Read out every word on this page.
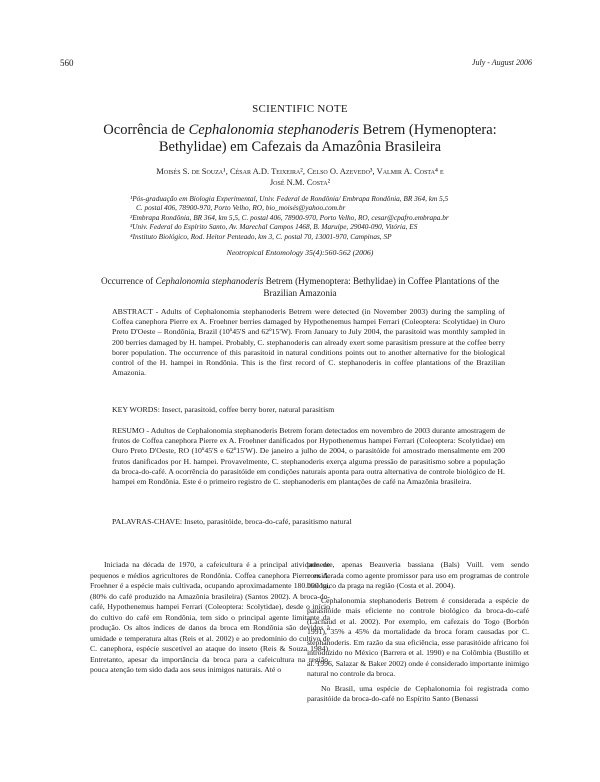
560	July - August 2006
SCIENTIFIC NOTE
Ocorrência de Cephalonomia stephanoderis Betrem (Hymenoptera: Bethylidae) em Cafezais da Amazônia Brasileira
Moisés S. de Souza¹, César A.D. Teixeira², Celso O. Azevedo³, Valmir A. Costa⁴ e
José N.M. Costa²
¹Pós-graduação em Biologia Experimental, Univ. Federal de Rondônia/ Embrapa Rondônia, BR 364, km 5,5
C. postal 406, 78900-970, Porto Velho, RO, bio_moisés@yahoo.com.br
²Embrapa Rondônia, BR 364, km 5,5, C. postal 406, 78900-970, Porto Velho, RO, cesar@cpafro.embrapa.br
³Univ. Federal do Espírito Santo, Av. Marechal Campos 1468, B. Maruípe, 29040-090, Vitória, ES
⁴Instituto Biológico, Rod. Heitor Penteado, km 3, C. postal 70, 13001-970, Campinas, SP
Neotropical Entomology 35(4):560-562 (2006)
Occurrence of Cephalonomia stephanoderis Betrem (Hymenoptera: Bethylidae) in Coffee Plantations of the Brazilian Amazonia
ABSTRACT - Adults of Cephalonomia stephanoderis Betrem were detected (in November 2003) during the sampling of Coffea canephora Pierre ex A. Froehner berries damaged by Hypothenemus hampei Ferrari (Coleoptera: Scolytidae) in Ouro Preto D'Oeste – Rondônia, Brazil (10º45'S and 62º15'W). From January to July 2004, the parasitoid was monthly sampled in 200 berries damaged by H. hampei. Probably, C. stephanoderis can already exert some parasitism pressure at the coffee berry borer population. The occurrence of this parasitoid in natural conditions points out to another alternative for the biological control of the H. hampei in Rondônia. This is the first record of C. stephanoderis in coffee plantations of the Brazilian Amazonia.
KEY WORDS: Insect, parasitoid, coffee berry borer, natural parasitism
RESUMO - Adultos de Cephalonomia stephanoderis Betrem foram detectados em novembro de 2003 durante amostragem de frutos de Coffea canephora Pierre ex A. Froehner danificados por Hypothenemus hampei Ferrari (Coleoptera: Scolytidae) em Ouro Preto D'Oeste, RO (10º45'S e 62º15'W). De janeiro a julho de 2004, o parasitóide foi amostrado mensalmente em 200 frutos danificados por H. hampei. Provavelmente, C. stephanoderis exerça alguma pressão de parasitismo sobre a população da broca-do-café. A ocorrência do parasitóide em condições naturais aponta para outra alternativa de controle biológico de H. hampei em Rondônia. Este é o primeiro registro de C. stephanoderis em plantações de café na Amazônia brasileira.
PALAVRAS-CHAVE: Inseto, parasitóide, broca-do-café, parasitismo natural

Iniciada na década de 1970, a cafeicultura é a principal atividade de pequenos e médios agricultores de Rondônia. Coffea canephora Pierre ex A. Froehner é a espécie mais cultivada, ocupando aproximadamente 180.000 ha, (80% do café produzido na Amazônia brasileira) (Santos 2002). A broca-do-café, Hypothenemus hampei Ferrari (Coleoptera: Scolytidae), desde o início do cultivo do café em Rondônia, tem sido o principal agente limitante da produção. Os altos índices de danos da broca em Rondônia são devidos à umidade e temperatura altas (Reis et al. 2002) e ao predomínio do cultivo de C. canephora, espécie suscetível ao ataque do inseto (Reis & Souza 1984). Entretanto, apesar da importância da broca para a cafeicultura na região, pouca atenção tem sido dada aos seus inimigos naturais. Até o

presente, apenas Beauveria bassiana (Bals) Vuill. vem sendo considerada como agente promissor para uso em programas de controle biológico da praga na região (Costa et al. 2004).

Cephalonomia stephanoderis Betrem é considerada a espécie de parasitóide mais eficiente no controle biológico da broca-do-café (Lachaud et al. 2002). Por exemplo, em cafezais do Togo (Borbón 1991), 35% a 45% da mortalidade da broca foram causadas por C. stephanoderis. Em razão da sua eficiência, esse parasitóide africano foi introduzido no México (Barrera et al. 1990) e na Colômbia (Bustillo et al. 1996, Salazar & Baker 2002) onde é considerado importante inimigo natural no controle da broca.

No Brasil, uma espécie de Cephalonomia foi registrada como parasitóide da broca-do-café no Espírito Santo (Benassi
